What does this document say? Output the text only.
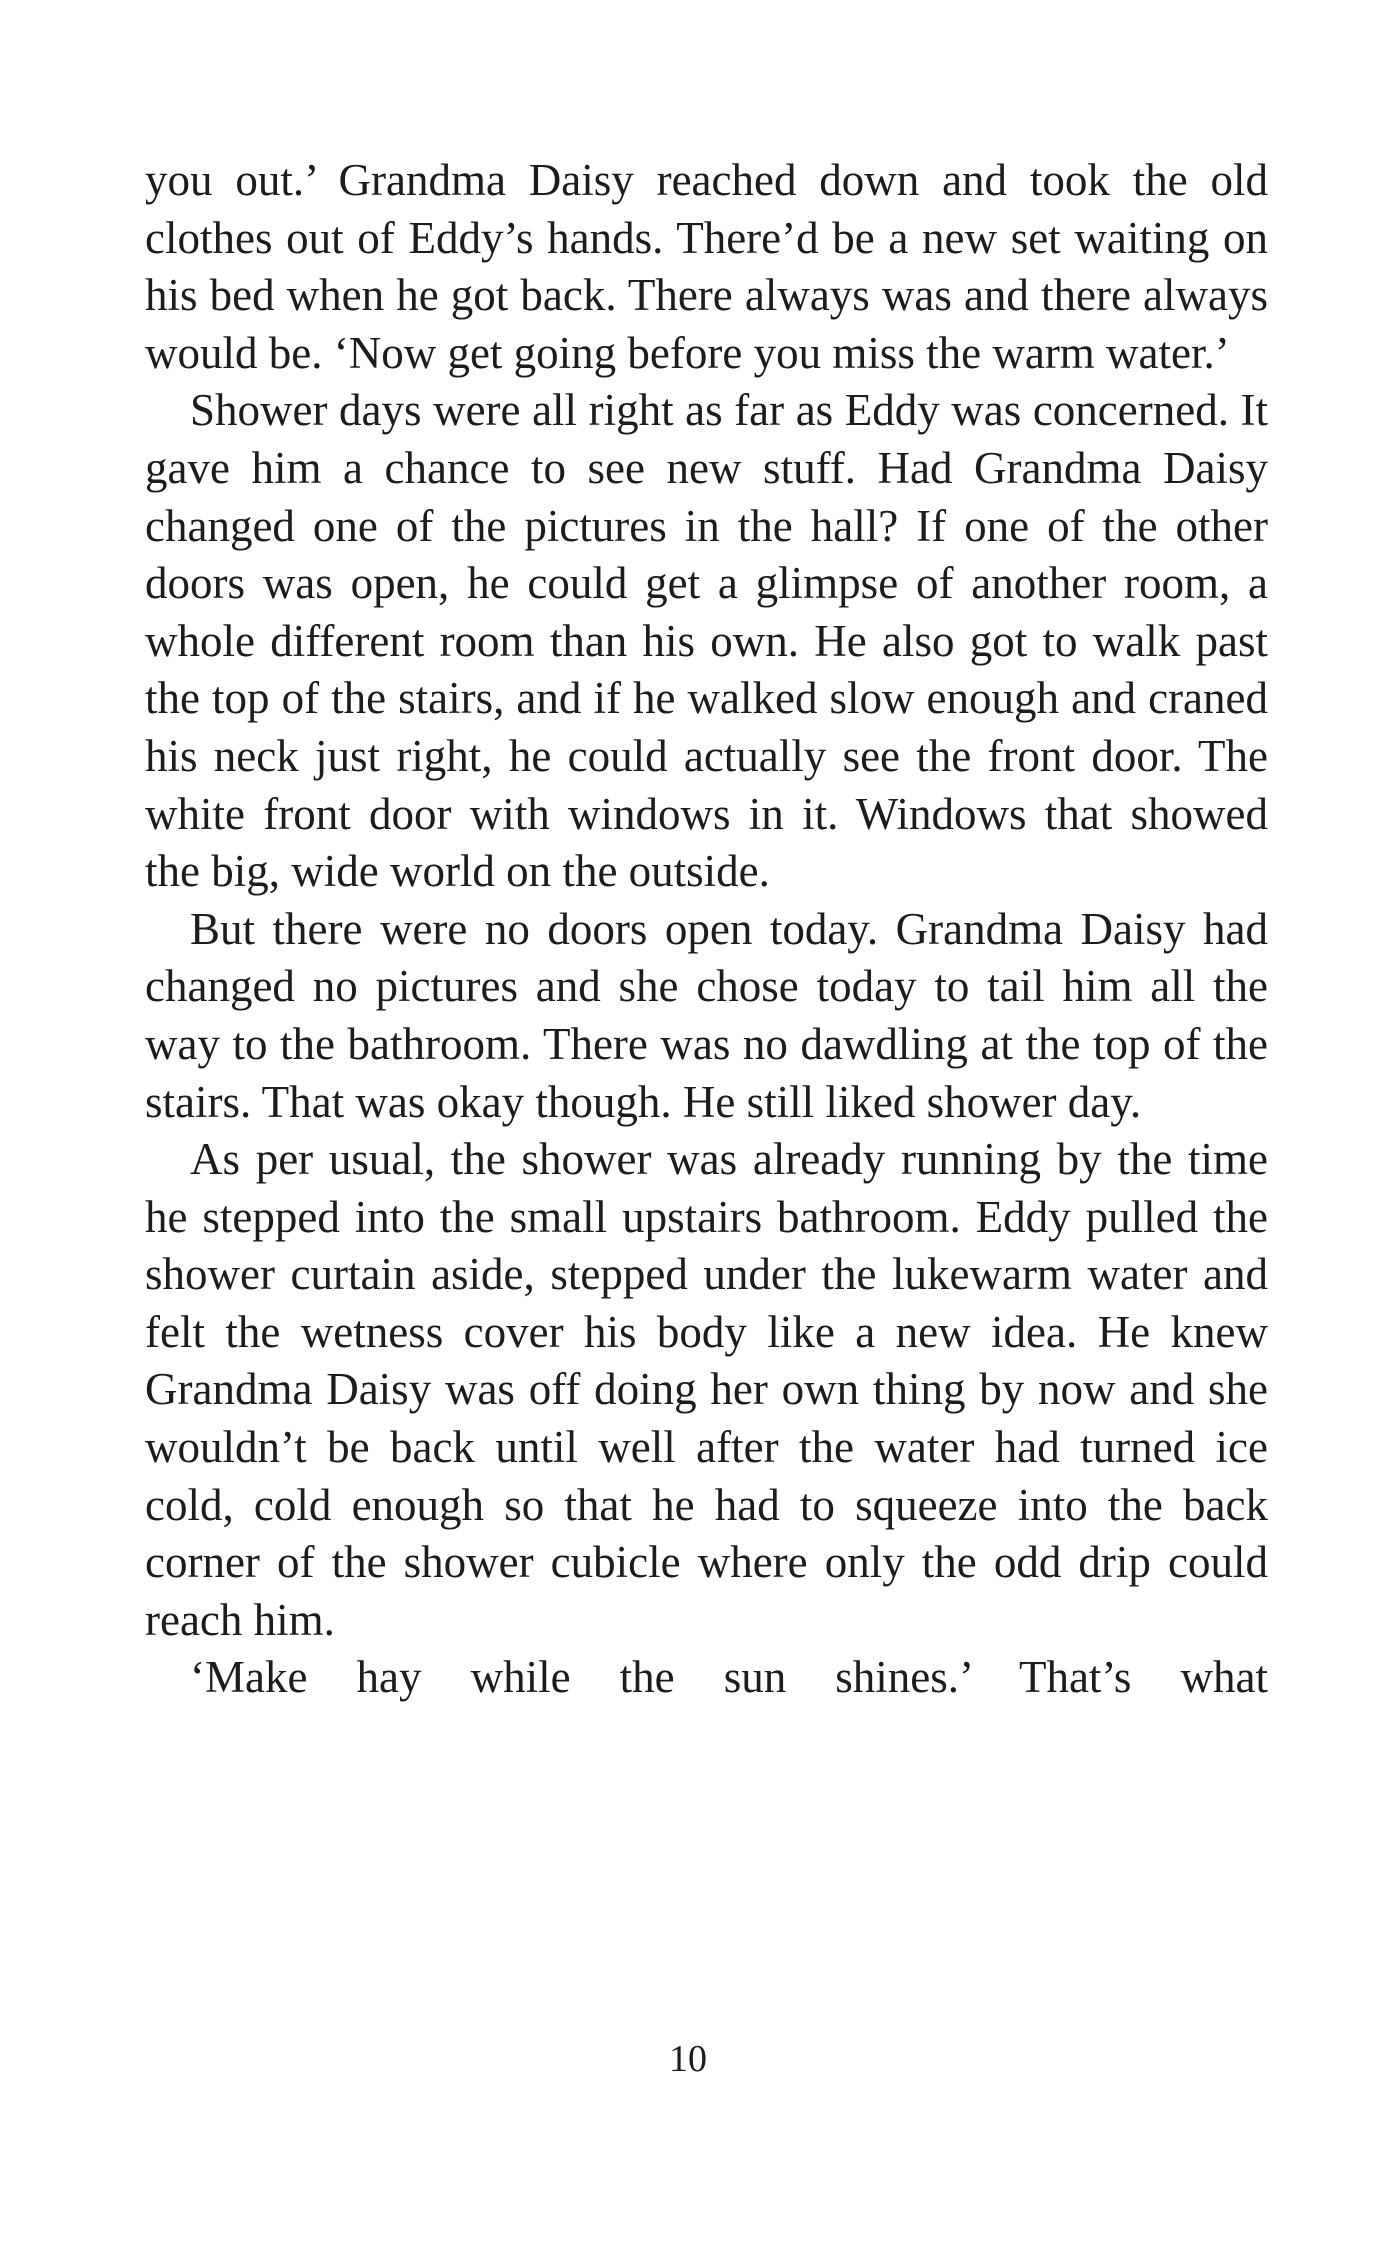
you out.’ Grandma Daisy reached down and took the old clothes out of Eddy’s hands. There’d be a new set waiting on his bed when he got back. There always was and there always would be. ‘Now get going before you miss the warm water.’

Shower days were all right as far as Eddy was concerned. It gave him a chance to see new stuff. Had Grandma Daisy changed one of the pictures in the hall? If one of the other doors was open, he could get a glimpse of another room, a whole different room than his own. He also got to walk past the top of the stairs, and if he walked slow enough and craned his neck just right, he could actually see the front door. The white front door with windows in it. Windows that showed the big, wide world on the outside.

But there were no doors open today. Grandma Daisy had changed no pictures and she chose today to tail him all the way to the bathroom. There was no dawdling at the top of the stairs. That was okay though. He still liked shower day.

As per usual, the shower was already running by the time he stepped into the small upstairs bathroom. Eddy pulled the shower curtain aside, stepped under the lukewarm water and felt the wetness cover his body like a new idea. He knew Grandma Daisy was off doing her own thing by now and she wouldn’t be back until well after the water had turned ice cold, cold enough so that he had to squeeze into the back corner of the shower cubicle where only the odd drip could reach him.

‘Make hay while the sun shines.’ That’s what

10
